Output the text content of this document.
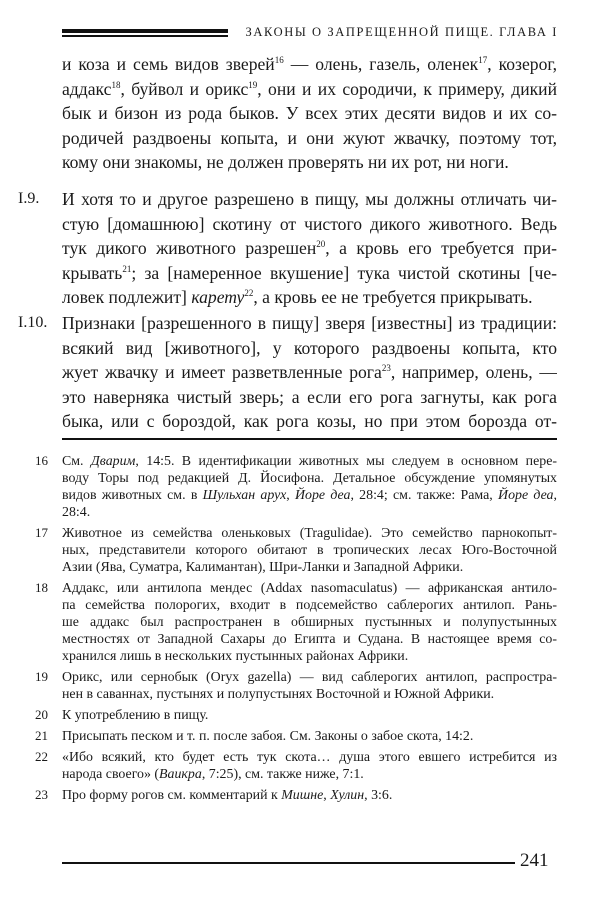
ЗАКОНЫ О ЗАПРЕЩЕННОЙ ПИЩЕ. ГЛАВА I
и коза и семь видов зверей$^{16}$ — олень, газель, оленек$^{17}$, козерог,
аддакс$^{18}$, буйвол и орикс$^{19}$, они и их сородичи, к примеру, дикий
бык и бизон из рода быков. У всех этих десяти видов и их со-
родичей раздвоены копыта, и они жуют жвачку, поэтому тот,
кому они знакомы, не должен проверять ни их рот, ни ноги.
I.9. И хотя то и другое разрешено в пищу, мы должны отличать чи-
стую [домашнюю] скотину от чистого дикого животного. Ведь
тук дикого животного разрешен$^{20}$, а кровь его требуется при-
крывать$^{21}$; за [намеренное вкушение] тука чистой скотины [че-
ловек подлежит] карету$^{22}$, а кровь ее не требуется прикрывать.
I.10. Признаки [разрешенного в пищу] зверя [известны] из традиции:
всякий вид [животного], у которого раздвоены копыта, кто
жует жвачку и имеет разветвленные рога$^{23}$, например, олень, —
это наверняка чистый зверь; а если его рога загнуты, как рога
быка, или с бороздой, как рога козы, но при этом борозда от-
16 См. Дварим, 14:5. В идентификации животных мы следуем в основном пере-
воду Торы под редакцией Д. Йосифона. Детальное обсуждение упомянутых
видов животных см. в Шульхан арух, Йоре деа, 28:4; см. также: Рама, Йоре деа,
28:4.
17 Животное из семейства оленьковых (Tragulidae). Это семейство парнокопыт-
ных, представители которого обитают в тропических лесах Юго-Восточной
Азии (Ява, Суматра, Калимантан), Шри-Ланки и Западной Африки.
18 Аддакс, или антилопа мендес (Addax nasomaculatus) — африканская антило-
па семейства полорогих, входит в подсемейство саблерогих антилоп. Рань-
ше аддакс был распространен в обширных пустынных и полупустынных
местностях от Западной Сахары до Египта и Судана. В настоящее время со-
хранился лишь в нескольких пустынных районах Африки.
19 Орикс, или сернобык (Oryx gazella) — вид саблерогих антилоп, распростра-
нен в саваннах, пустынях и полупустынях Восточной и Южной Африки.
20 К употреблению в пищу.
21 Присыпать песком и т. п. после забоя. См. Законы о забое скота, 14:2.
22 «Ибо всякий, кто будет есть тук скота… душа этого евшего истребится из
народа своего» (Ваикра, 7:25), см. также ниже, 7:1.
23 Про форму рогов см. комментарий к Мишне, Хулин, 3:6.
241
